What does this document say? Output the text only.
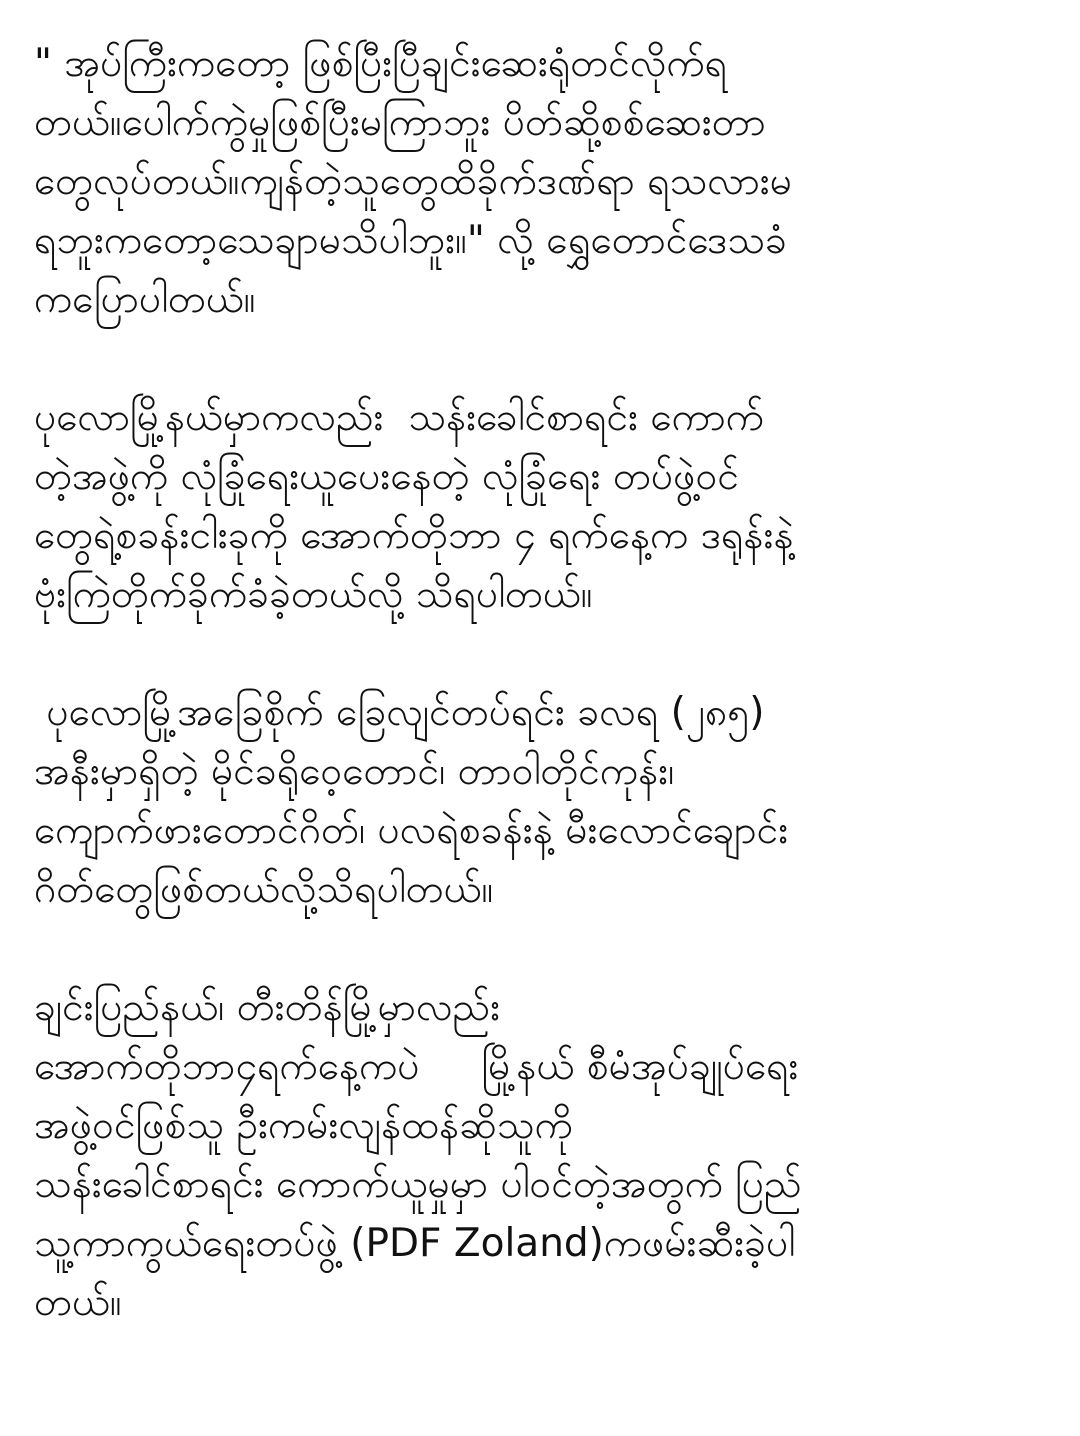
" အုပ်ကြီးကတော့ ဖြစ်ပြီးပြီချင်းဆေးရုံတင်လိုက်ရ
တယ်။ပေါက်ကွဲမှုဖြစ်ပြီးမကြာဘူး ပိတ်ဆို့စစ်ဆေးတာ
တွေလုပ်တယ်။ကျန်တဲ့သူတွေထိခိုက်ဒဏ်ရာ ရသလားမ
ရဘူးကတော့သေချာမသိပါဘူး။" လို့ ရွှေတောင်ဒေသခံ
ကပြောပါတယ်။

ပုလောမြို့နယ်မှာကလည်း  သန်းခေါင်စာရင်း ကောက်
တဲ့အဖွဲ့ကို လုံခြုံရေးယူပေးနေတဲ့ လုံခြုံရေး တပ်ဖွဲ့ဝင်
တွေရဲ့စခန်းငါးခုကို အောက်တိုဘာ ၄ ရက်နေ့က ဒရုန်းနဲ့
ဗုံးကြဲတိုက်ခိုက်ခံခဲ့တယ်လို့ သိရပါတယ်။

ပုလောမြို့အခြေစိုက် ခြေလျင်တပ်ရင်း ခလရ (၂၈၅)
အနီးမှာရှိတဲ့ မိုင်ခရိုဝေ့တောင်၊ တာဝါတိုင်ကုန်း၊
ကျောက်ဖားတောင်ဂိတ်၊ ပလရဲစခန်းနဲ့ မီးလောင်ချောင်း
ဂိတ်တွေဖြစ်တယ်လို့သိရပါတယ်။

ချင်းပြည်နယ်၊ တီးတိန်မြို့မှာလည်း
အောက်တိုဘာ၄ရက်နေ့ကပဲ     မြို့နယ် စီမံအုပ်ချုပ်ရေး
အဖွဲ့ဝင်ဖြစ်သူ ဦးကမ်းလျန်ထန်ဆိုသူကို
သန်းခေါင်စာရင်း ကောက်ယူမှုမှာ ပါဝင်တဲ့အတွက် ပြည်
သူ့ကာကွယ်ရေးတပ်ဖွဲ့ (PDF Zoland)ကဖမ်းဆီးခဲ့ပါ
တယ်။
